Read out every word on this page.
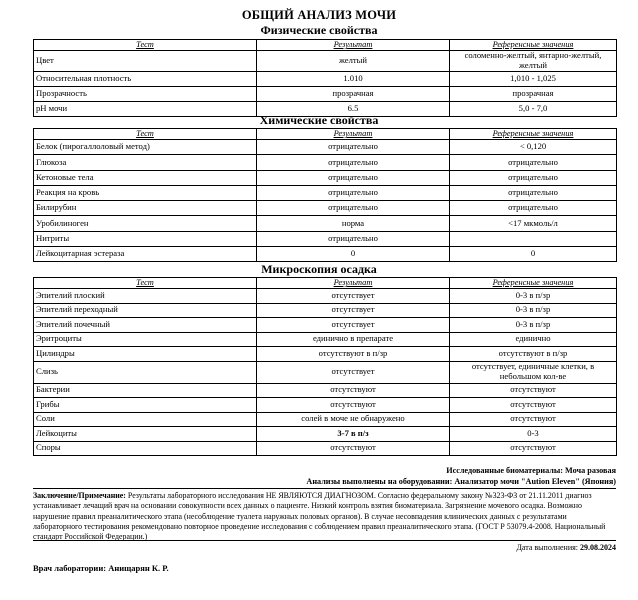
ОБЩИЙ АНАЛИЗ МОЧИ
Физические свойства
Тест	Результат	Референсные значения
Цвет	желтый	соломенно-желтый, янтарно-желтый, желтый
Относительная плотность	1.010	1,010 - 1,025
Прозрачность	прозрачная	прозрачная
pH мочи	6.5	5,0 - 7,0
Химические свойства
Тест	Результат	Референсные значения
Белок (пирогаллоловый метод)	отрицательно	< 0,120
Глюкоза	отрицательно	отрицательно
Кетоновые тела	отрицательно	отрицательно
Реакция на кровь	отрицательно	отрицательно
Билирубин	отрицательно	отрицательно
Уробилиноген	норма	<17 мкмоль/л
Нитриты	отрицательно	
Лейкоцитарная эстераза	0	0
Микроскопия осадка
Тест	Результат	Референсные значения
Эпителий плоский	отсутствует	0-3 в п/зр
Эпителий переходный	отсутствует	0-3 в п/зр
Эпителий почечный	отсутствует	0-3 в п/зр
Эритроциты	единично в препарате	единично
Цилиндры	отсутствуют в п/зр	отсутствуют в п/зр
Слизь	отсутствует	отсутствует, единичные клетки, в небольшом кол-ве
Бактерии	отсутствуют	отсутствуют
Грибы	отсутствуют	отсутствуют
Соли	солей в моче не обнаружено	отсутствуют
Лейкоциты	3-7 в п/з	0-3
Споры	отсутствуют	отсутствуют
Исследованные биоматериалы: Моча разовая
Анализы выполнены на оборудовании: Анализатор мочи "Aution Eleven" (Япония)
Заключение/Примечание: Результаты лабораторного исследования НЕ ЯВЛЯЮТСЯ ДИАГНОЗОМ. Согласно федеральному закону №323-ФЗ от 21.11.2011 диагноз устанавливает лечащий врач на основании совокупности всех данных о пациенте. Низкий контроль взятия биоматериала. Загрязнение мочевого осадка. Возможно нарушение правил преаналитического этапа (несоблюдение туалета наружных половых органов). В случае несовпадения клинических данных с результатами лабораторного тестирования рекомендовано повторное проведение исследования с соблюдением правил преаналитического этапа. (ГОСТ Р 53079.4-2008. Национальный стандарт Российской Федерации.)
Дата выполнения: 29.08.2024
Врач лаборатории: Анищарян К. Р.
